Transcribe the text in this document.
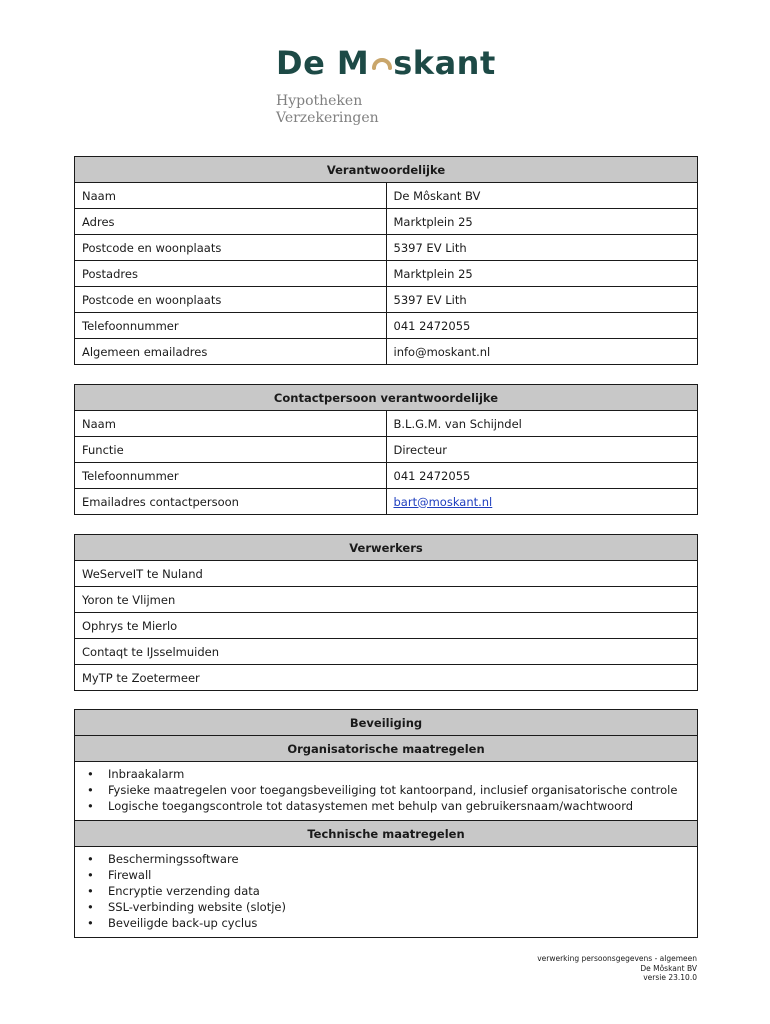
De M skant
Hypotheken
Verzekeringen
Verantwoordelijke	
Naam	De Môskant BV
Adres	Marktplein 25
Postcode en woonplaats	5397 EV Lith
Postadres	Marktplein 25
Postcode en woonplaats	5397 EV Lith
Telefoonnummer	041 2472055
Algemeen emailadres	info@moskant.nl
Contactpersoon verantwoordelijke	
Naam	B.L.G.M. van Schijndel
Functie	Directeur
Telefoonnummer	041 2472055
Emailadres contactpersoon	bart@moskant.nl
Verwerkers
WeServeIT te Nuland
Yoron te Vlijmen
Ophrys te Mierlo
Contaqt te IJsselmuiden
MyTP te Zoetermeer
Beveiliging
Organisatorische maatregelen

• Inbraakalarm
• Fysieke maatregelen voor toegangsbeveiliging tot kantoorpand, inclusief organisatorische controle
• Logische toegangscontrole tot datasystemen met behulp van gebruikersnaam/wachtwoord

Technische maatregelen

• Beschermingssoftware
• Firewall
• Encryptie verzending data
• SSL-verbinding website (slotje)
• Beveiligde back-up cyclus
verwerking persoonsgegevens - algemeen
De Môskant BV
versie 23.10.0
